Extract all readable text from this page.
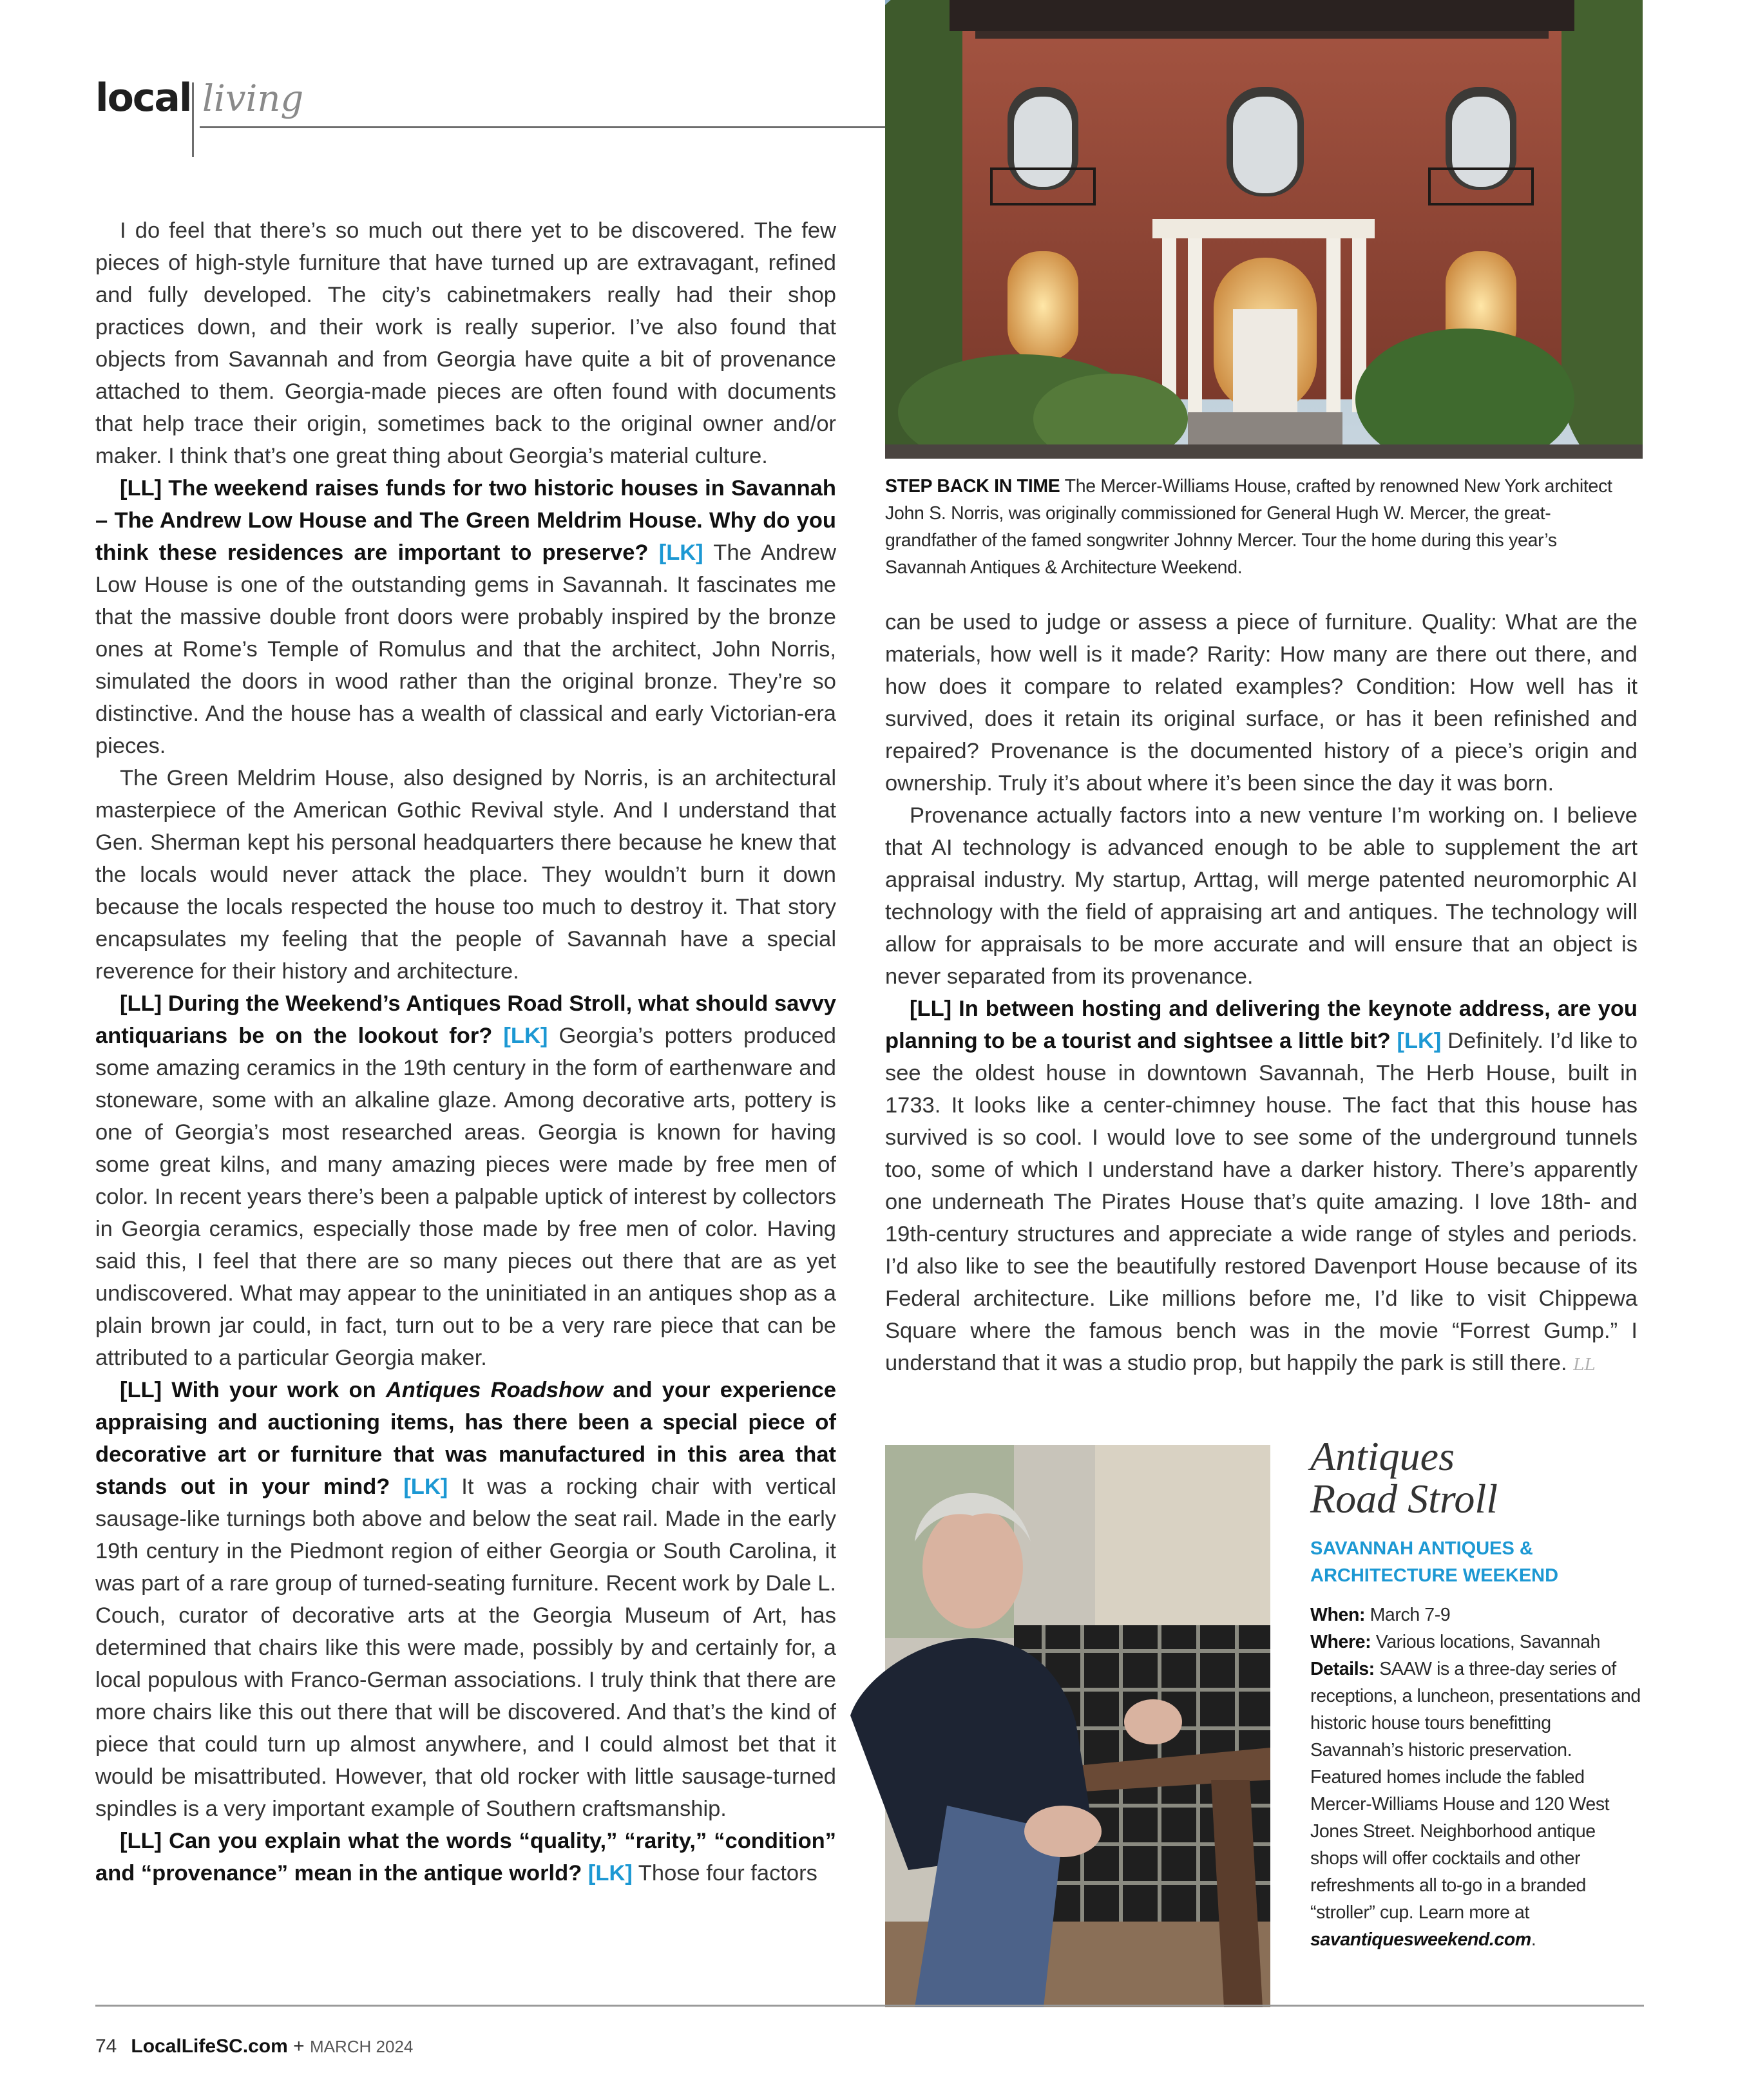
local living

I do feel that there’s so much out there yet to be discovered. The few pieces of high-style furniture that have turned up are extravagant, refined and fully developed. The city’s cabinetmakers really had their shop practices down, and their work is really superior. I’ve also found that objects from Savannah and from Georgia have quite a bit of provenance attached to them. Georgia-made pieces are often found with documents that help trace their origin, sometimes back to the original owner and/or maker. I think that’s one great thing about Georgia’s material culture.

[LL] The weekend raises funds for two historic houses in Savannah – The Andrew Low House and The Green Meldrim House. Why do you think these residences are important to preserve? [LK] The Andrew Low House is one of the outstanding gems in Savannah. It fascinates me that the massive double front doors were probably inspired by the bronze ones at Rome’s Temple of Romulus and that the architect, John Norris, simulated the doors in wood rather than the original bronze. They’re so distinctive. And the house has a wealth of classical and early Victorian-era pieces.

The Green Meldrim House, also designed by Norris, is an architectural masterpiece of the American Gothic Revival style. And I understand that Gen. Sherman kept his personal headquarters there because he knew that the locals would never attack the place. They wouldn’t burn it down because the locals respected the house too much to destroy it. That story encapsulates my feeling that the people of Savannah have a special reverence for their history and architecture.

[LL] During the Weekend’s Antiques Road Stroll, what should savvy antiquarians be on the lookout for? [LK] Georgia’s potters produced some amazing ceramics in the 19th century in the form of earthenware and stoneware, some with an alkaline glaze. Among decorative arts, pottery is one of Georgia’s most researched areas. Georgia is known for having some great kilns, and many amazing pieces were made by free men of color. In recent years there’s been a palpable uptick of interest by collectors in Georgia ceramics, especially those made by free men of color. Having said this, I feel that there are so many pieces out there that are as yet undiscovered. What may appear to the uninitiated in an antiques shop as a plain brown jar could, in fact, turn out to be a very rare piece that can be attributed to a particular Georgia maker.

[LL] With your work on Antiques Roadshow and your experience appraising and auctioning items, has there been a special piece of decorative art or furniture that was manufactured in this area that stands out in your mind? [LK] It was a rocking chair with vertical sausage-like turnings both above and below the seat rail. Made in the early 19th century in the Piedmont region of either Georgia or South Carolina, it was part of a rare group of turned-seating furniture. Recent work by Dale L. Couch, curator of decorative arts at the Georgia Museum of Art, has determined that chairs like this were made, possibly by and certainly for, a local populous with Franco-German associations. I truly think that there are more chairs like this out there that will be discovered. And that’s the kind of piece that could turn up almost anywhere, and I could almost bet that it would be misattributed. However, that old rocker with little sausage-turned spindles is a very important example of Southern craftsmanship.

[LL] Can you explain what the words “quality,” “rarity,” “condition” and “provenance” mean in the antique world? [LK] Those four factors

STEP BACK IN TIME The Mercer-Williams House, crafted by renowned New York architect John S. Norris, was originally commissioned for General Hugh W. Mercer, the great-grandfather of the famed songwriter Johnny Mercer. Tour the home during this year’s Savannah Antiques & Architecture Weekend.

can be used to judge or assess a piece of furniture. Quality: What are the materials, how well is it made? Rarity: How many are there out there, and how does it compare to related examples? Condition: How well has it survived, does it retain its original surface, or has it been refinished and repaired? Provenance is the documented history of a piece’s origin and ownership. Truly it’s about where it’s been since the day it was born.

Provenance actually factors into a new venture I’m working on. I believe that AI technology is advanced enough to be able to supplement the art appraisal industry. My startup, Arttag, will merge patented neuromorphic AI technology with the field of appraising art and antiques. The technology will allow for appraisals to be more accurate and will ensure that an object is never separated from its provenance.

[LL] In between hosting and delivering the keynote address, are you planning to be a tourist and sightsee a little bit? [LK] Definitely. I’d like to see the oldest house in downtown Savannah, The Herb House, built in 1733. It looks like a center-chimney house. The fact that this house has survived is so cool. I would love to see some of the underground tunnels too, some of which I understand have a darker history. There’s apparently one underneath The Pirates House that’s quite amazing. I love 18th- and 19th-century structures and appreciate a wide range of styles and periods. I’d also like to see the beautifully restored Davenport House because of its Federal architecture. Like millions before me, I’d like to visit Chippewa Square where the famous bench was in the movie “Forrest Gump.” I understand that it was a studio prop, but happily the park is still there. LL

Antiques
Road Stroll
SAVANNAH ANTIQUES &
ARCHITECTURE WEEKEND

When: March 7-9

Where: Various locations, Savannah

Details: SAAW is a three-day series of receptions, a luncheon, presentations and historic house tours benefitting Savannah’s historic preservation. Featured homes include the fabled Mercer-Williams House and 120 West Jones Street. Neighborhood antique shops will offer cocktails and other refreshments all to-go in a branded “stroller” cup. Learn more at savantiquesweekend.com.

74 LocalLifeSC.com + MARCH 2024
